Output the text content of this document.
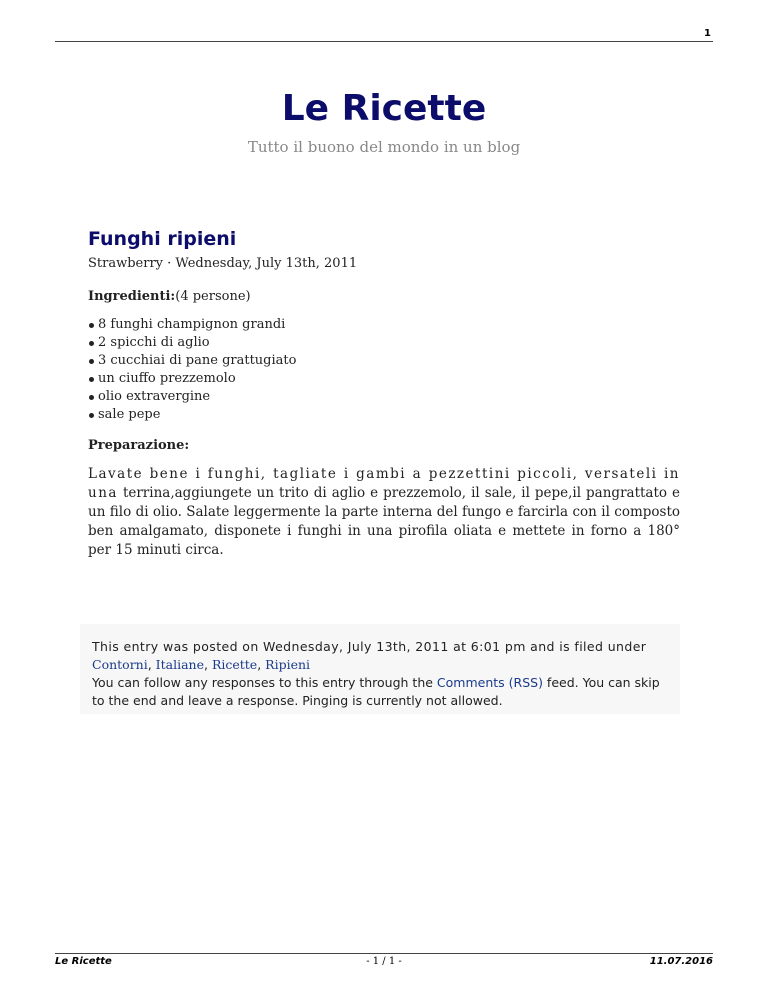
1
Le Ricette

Tutto il buono del mondo in un blog

Funghi ripieni

Strawberry · Wednesday, July 13th, 2011

Ingredienti:(4 persone)

8 funghi champignon grandi
2 spicchi di aglio
3 cucchiai di pane grattugiato
un ciuffo prezzemolo
olio extravergine
sale pepe

Preparazione:

Lavate bene i funghi, tagliate i gambi a pezzettini piccoli, versateli in una terrina,aggiungete un trito di aglio e prezzemolo, il sale, il pepe,il pangrattato e un filo di olio. Salate leggermente la parte interna del fungo e farcirla con il composto ben amalgamato, disponete i funghi in una pirofila oliata e mettete in forno a 180° per 15 minuti circa.

This entry was posted on Wednesday, July 13th, 2011 at 6:01 pm and is filed under
Contorni, Italiane, Ricette, Ripieni
You can follow any responses to this entry through the Comments (RSS) feed. You can skip to the end and leave a response. Pinging is currently not allowed.
Le Ricette	- 1 / 1 -	11.07.2016
